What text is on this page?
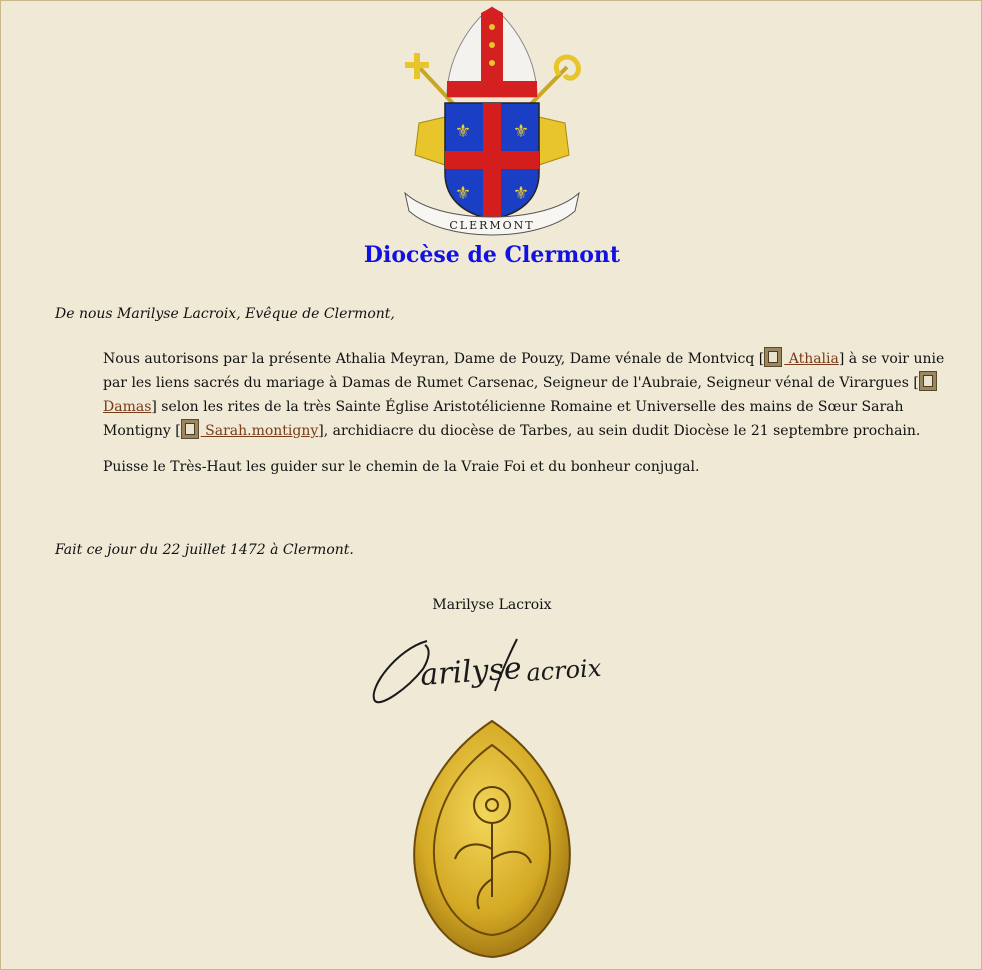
⚜ ⚜
⚜ ⚜
CLERMONT
Diocèse de Clermont
De nous Marilyse Lacroix, Evêque de Clermont,

Nous autorisons par la présente Athalia Meyran, Dame de Pouzy, Dame vénale de Montvicq [ Athalia] à se voir unie par les liens sacrés du mariage à Damas de Rumet Carsenac, Seigneur de l'Aubraie, Seigneur vénal de Virargues [ Damas] selon les rites de la très Sainte Église Aristotélicienne Romaine et Universelle des mains de Sœur Sarah Montigny [ Sarah.montigny], archidiacre du diocèse de Tarbes, au sein dudit Diocèse le 21 septembre prochain.

Puisse le Très-Haut les guider sur le chemin de la Vraie Foi et du bonheur conjugal.

Fait ce jour du 22 juillet 1472 à Clermont.
Marilyse Lacroix
arilyse acroix
